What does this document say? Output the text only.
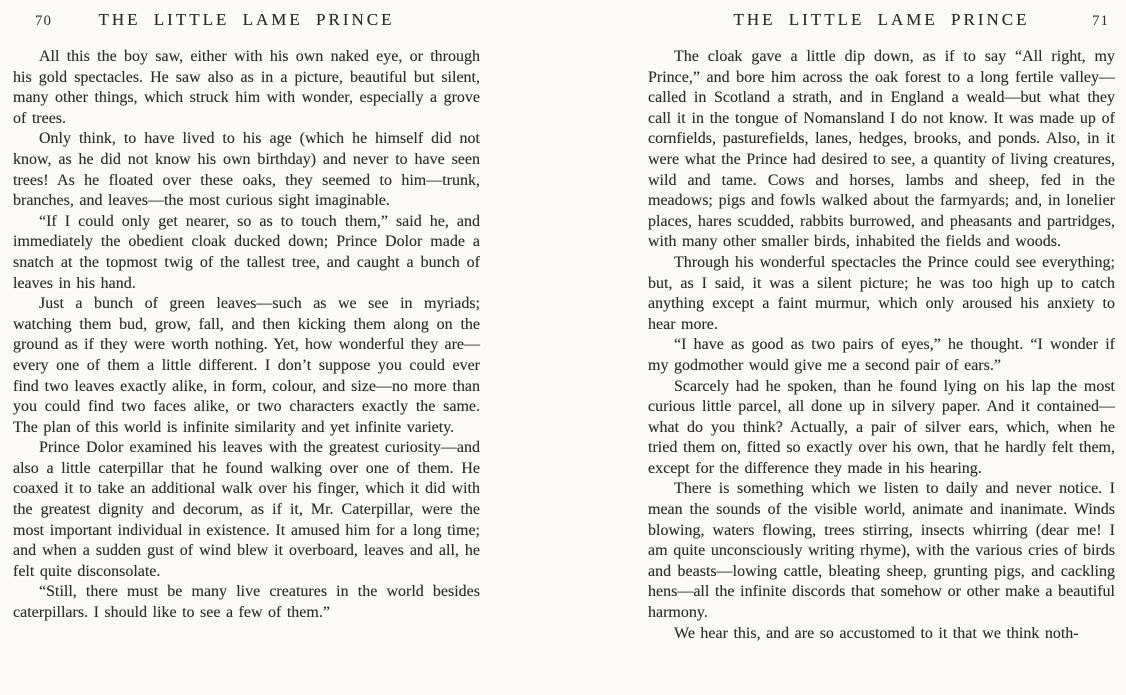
70	THE LITTLE LAME PRINCE

All this the boy saw, either with his own naked eye, or through his gold spectacles. He saw also as in a picture, beautiful but silent, many other things, which struck him with wonder, especially a grove of trees.

Only think, to have lived to his age (which he himself did not know, as he did not know his own birthday) and never to have seen trees! As he floated over these oaks, they seemed to him—trunk, branches, and leaves—the most curious sight imaginable.

“If I could only get nearer, so as to touch them,” said he, and immediately the obedient cloak ducked down; Prince Dolor made a snatch at the topmost twig of the tallest tree, and caught a bunch of leaves in his hand.

Just a bunch of green leaves—such as we see in myriads; watching them bud, grow, fall, and then kicking them along on the ground as if they were worth nothing. Yet, how wonderful they are—every one of them a little different. I don’t suppose you could ever find two leaves exactly alike, in form, colour, and size—no more than you could find two faces alike, or two characters exactly the same. The plan of this world is infinite similarity and yet infinite variety.

Prince Dolor examined his leaves with the greatest curiosity—and also a little caterpillar that he found walking over one of them. He coaxed it to take an additional walk over his finger, which it did with the greatest dignity and decorum, as if it, Mr. Caterpillar, were the most important individual in existence. It amused him for a long time; and when a sudden gust of wind blew it overboard, leaves and all, he felt quite disconsolate.

“Still, there must be many live creatures in the world besides caterpillars. I should like to see a few of them.”

THE LITTLE LAME PRINCE	71

The cloak gave a little dip down, as if to say “All right, my Prince,” and bore him across the oak forest to a long fertile valley—called in Scotland a strath, and in England a weald—but what they call it in the tongue of Nomansland I do not know. It was made up of cornfields, pasturefields, lanes, hedges, brooks, and ponds. Also, in it were what the Prince had desired to see, a quantity of living creatures, wild and tame. Cows and horses, lambs and sheep, fed in the meadows; pigs and fowls walked about the farmyards; and, in lonelier places, hares scudded, rabbits burrowed, and pheasants and partridges, with many other smaller birds, inhabited the fields and woods.

Through his wonderful spectacles the Prince could see everything; but, as I said, it was a silent picture; he was too high up to catch anything except a faint murmur, which only aroused his anxiety to hear more.

“I have as good as two pairs of eyes,” he thought. “I wonder if my godmother would give me a second pair of ears.”

Scarcely had he spoken, than he found lying on his lap the most curious little parcel, all done up in silvery paper. And it contained—what do you think? Actually, a pair of silver ears, which, when he tried them on, fitted so exactly over his own, that he hardly felt them, except for the difference they made in his hearing.

There is something which we listen to daily and never notice. I mean the sounds of the visible world, animate and inanimate. Winds blowing, waters flowing, trees stirring, insects whirring (dear me! I am quite unconsciously writing rhyme), with the various cries of birds and beasts—lowing cattle, bleating sheep, grunting pigs, and cackling hens—all the infinite discords that somehow or other make a beautiful harmony.

We hear this, and are so accustomed to it that we think noth-
